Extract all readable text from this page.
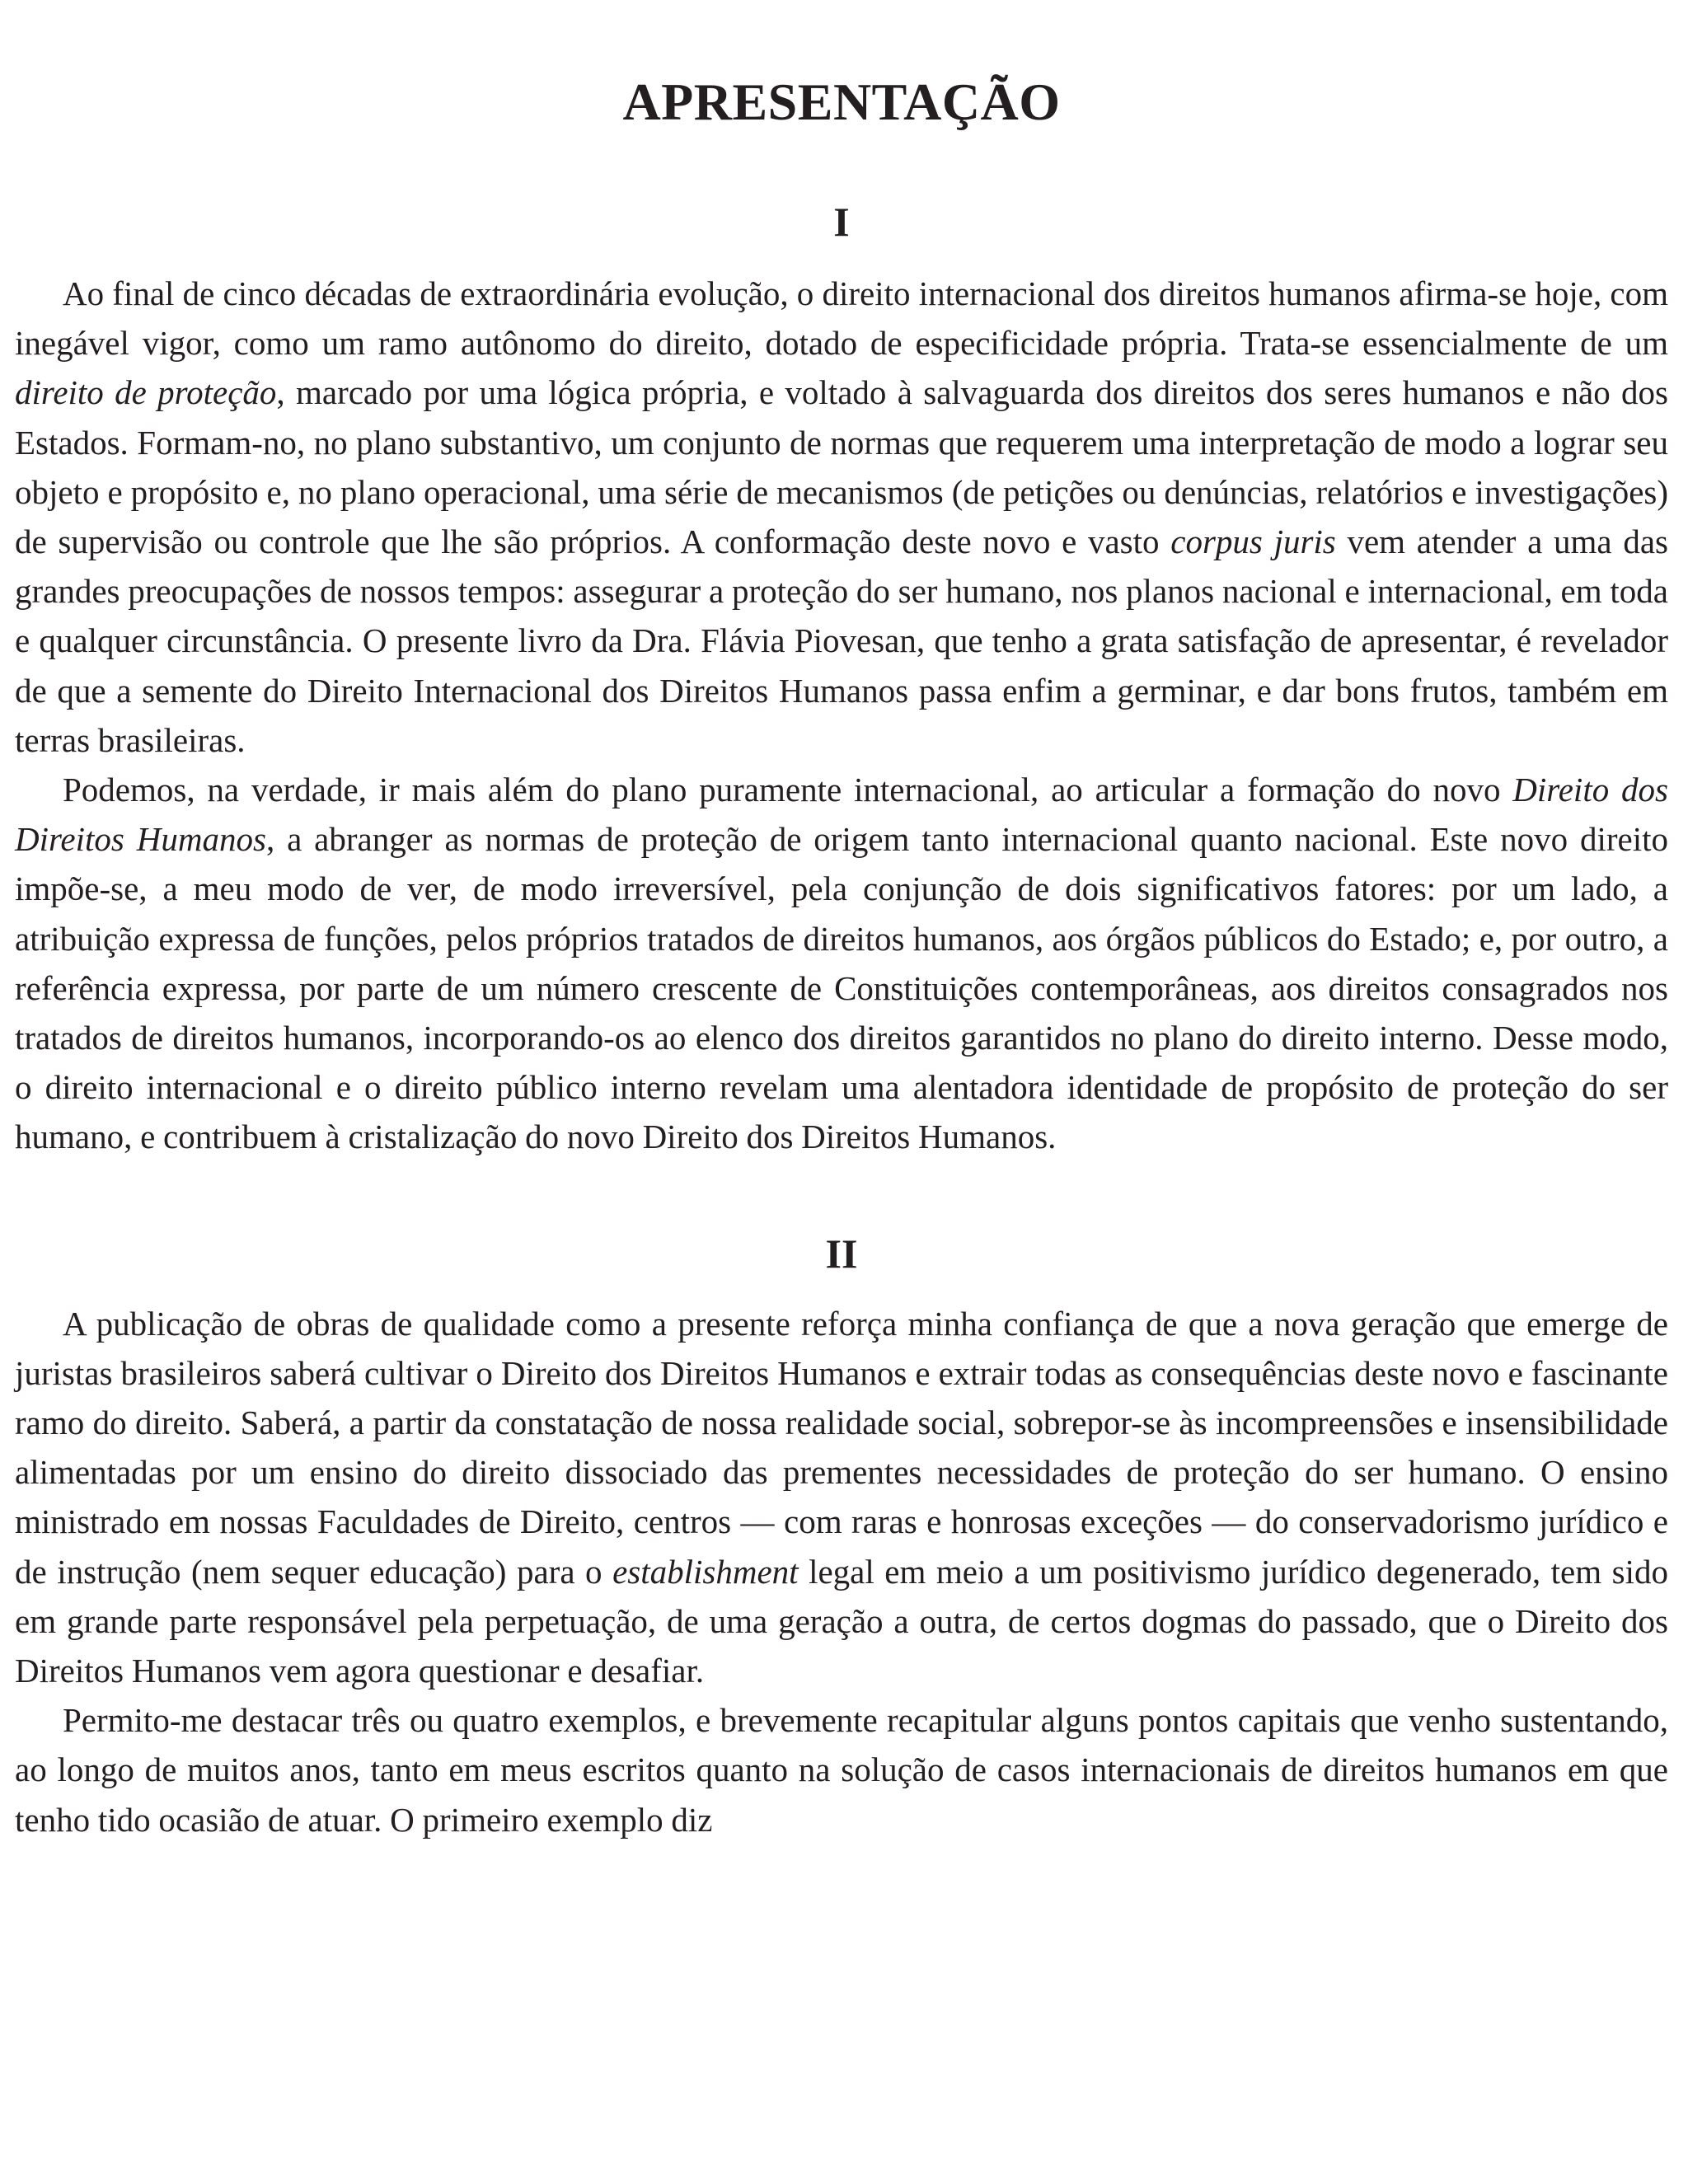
APRESENTAÇÃO
I

Ao final de cinco décadas de extraordinária evolução, o direito internacional dos direitos humanos afirma-se hoje, com inegável vigor, como um ramo autônomo do direito, dotado de especificidade própria. Trata-se essencialmente de um direito de proteção, marcado por uma lógica própria, e voltado à salvaguarda dos direitos dos seres humanos e não dos Estados. Formam-no, no plano substantivo, um conjunto de normas que requerem uma interpretação de modo a lograr seu objeto e propósito e, no plano operacional, uma série de mecanismos (de petições ou denúncias, relatórios e investigações) de supervisão ou controle que lhe são próprios. A conformação deste novo e vasto corpus juris vem atender a uma das grandes preocupações de nossos tempos: assegurar a proteção do ser humano, nos planos nacional e internacional, em toda e qualquer circunstância. O presente livro da Dra. Flávia Piovesan, que tenho a grata satisfação de apresentar, é revelador de que a semente do Direito Internacional dos Direitos Humanos passa enfim a germinar, e dar bons frutos, também em terras brasileiras.

Podemos, na verdade, ir mais além do plano puramente internacional, ao articular a formação do novo Direito dos Direitos Humanos, a abranger as normas de proteção de origem tanto internacional quanto nacional. Este novo direito impõe-se, a meu modo de ver, de modo irreversível, pela conjunção de dois significativos fatores: por um lado, a atribuição expressa de funções, pelos próprios tratados de direitos humanos, aos órgãos públicos do Estado; e, por outro, a referência expressa, por parte de um número crescente de Constituições contemporâneas, aos direitos consagrados nos tratados de direitos humanos, incorporando-os ao elenco dos direitos garantidos no plano do direito interno. Desse modo, o direito internacional e o direito público interno revelam uma alentadora identidade de propósito de proteção do ser humano, e contribuem à cristalização do novo Direito dos Direitos Humanos.

II

A publicação de obras de qualidade como a presente reforça minha confiança de que a nova geração que emerge de juristas brasileiros saberá cultivar o Direito dos Direitos Humanos e extrair todas as consequências deste novo e fascinante ramo do direito. Saberá, a partir da constatação de nossa realidade social, sobrepor-se às incompreensões e insensibilidade alimentadas por um ensino do direito dissociado das prementes necessidades de proteção do ser humano. O ensino ministrado em nossas Faculdades de Direito, centros — com raras e honrosas exceções — do conservadorismo jurídico e de instrução (nem sequer educação) para o establishment legal em meio a um positivismo jurídico degenerado, tem sido em grande parte responsável pela perpetuação, de uma geração a outra, de certos dogmas do passado, que o Direito dos Direitos Humanos vem agora questionar e desafiar.

Permito-me destacar três ou quatro exemplos, e brevemente recapitular alguns pontos capitais que venho sustentando, ao longo de muitos anos, tanto em meus escritos quanto na solução de casos internacionais de direitos humanos em que tenho tido ocasião de atuar. O primeiro exemplo diz
